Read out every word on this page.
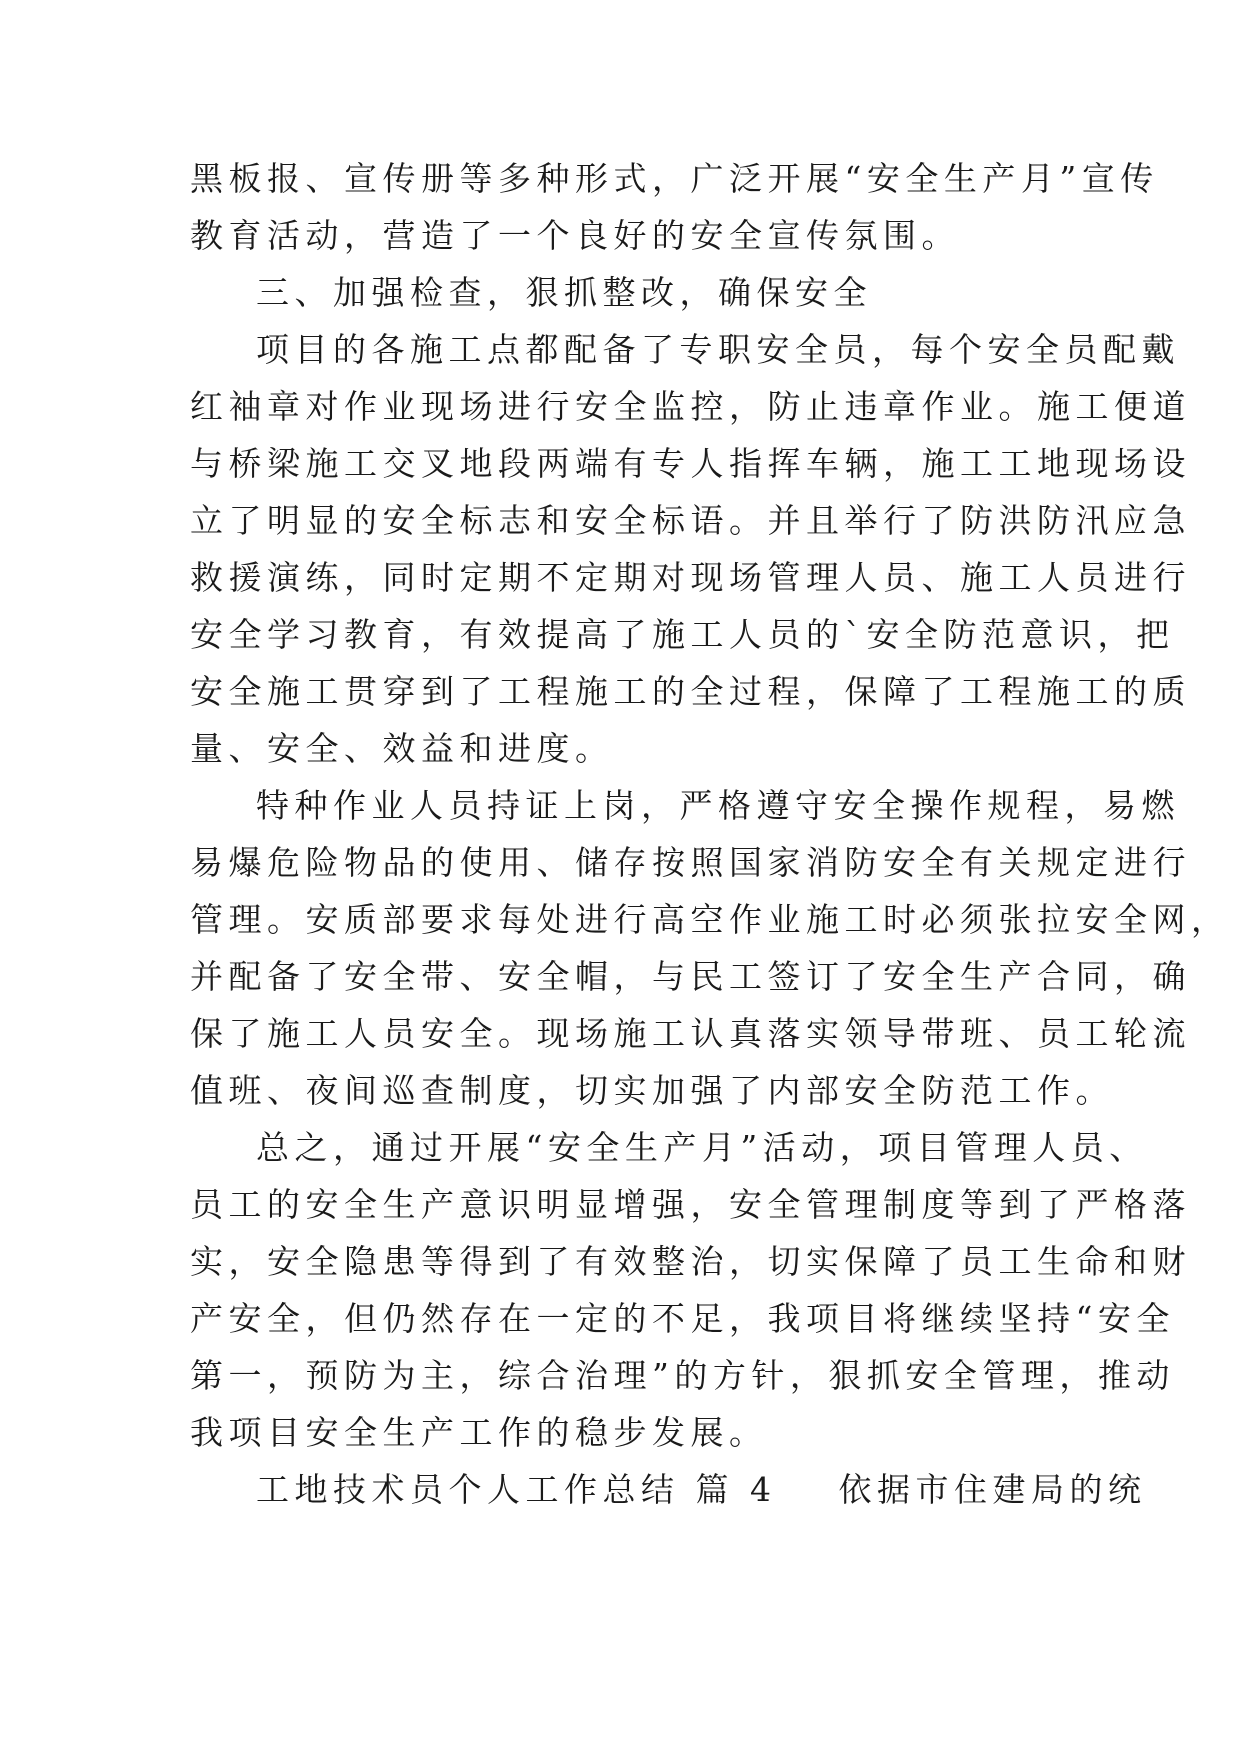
黑板报、宣传册等多种形式，广泛开展“安全生产月”宣传
教育活动，营造了一个良好的安全宣传氛围。
三、加强检查，狠抓整改，确保安全
项目的各施工点都配备了专职安全员，每个安全员配戴
红袖章对作业现场进行安全监控，防止违章作业。施工便道
与桥梁施工交叉地段两端有专人指挥车辆，施工工地现场设
立了明显的安全标志和安全标语。并且举行了防洪防汛应急
救援演练，同时定期不定期对现场管理人员、施工人员进行
安全学习教育，有效提高了施工人员的`安全防范意识，把
安全施工贯穿到了工程施工的全过程，保障了工程施工的质
量、安全、效益和进度。
特种作业人员持证上岗，严格遵守安全操作规程，易燃
易爆危险物品的使用、储存按照国家消防安全有关规定进行
管理。安质部要求每处进行高空作业施工时必须张拉安全网，
并配备了安全带、安全帽，与民工签订了安全生产合同，确
保了施工人员安全。现场施工认真落实领导带班、员工轮流
值班、夜间巡查制度，切实加强了内部安全防范工作。
总之，通过开展“安全生产月”活动，项目管理人员、
员工的安全生产意识明显增强，安全管理制度等到了严格落
实，安全隐患等得到了有效整治，切实保障了员工生命和财
产安全，但仍然存在一定的不足，我项目将继续坚持“安全
第一，预防为主，综合治理”的方针，狠抓安全管理，推动
我项目安全生产工作的稳步发展。
工地技术员个人工作总结 篇 4 依据市住建局的统
